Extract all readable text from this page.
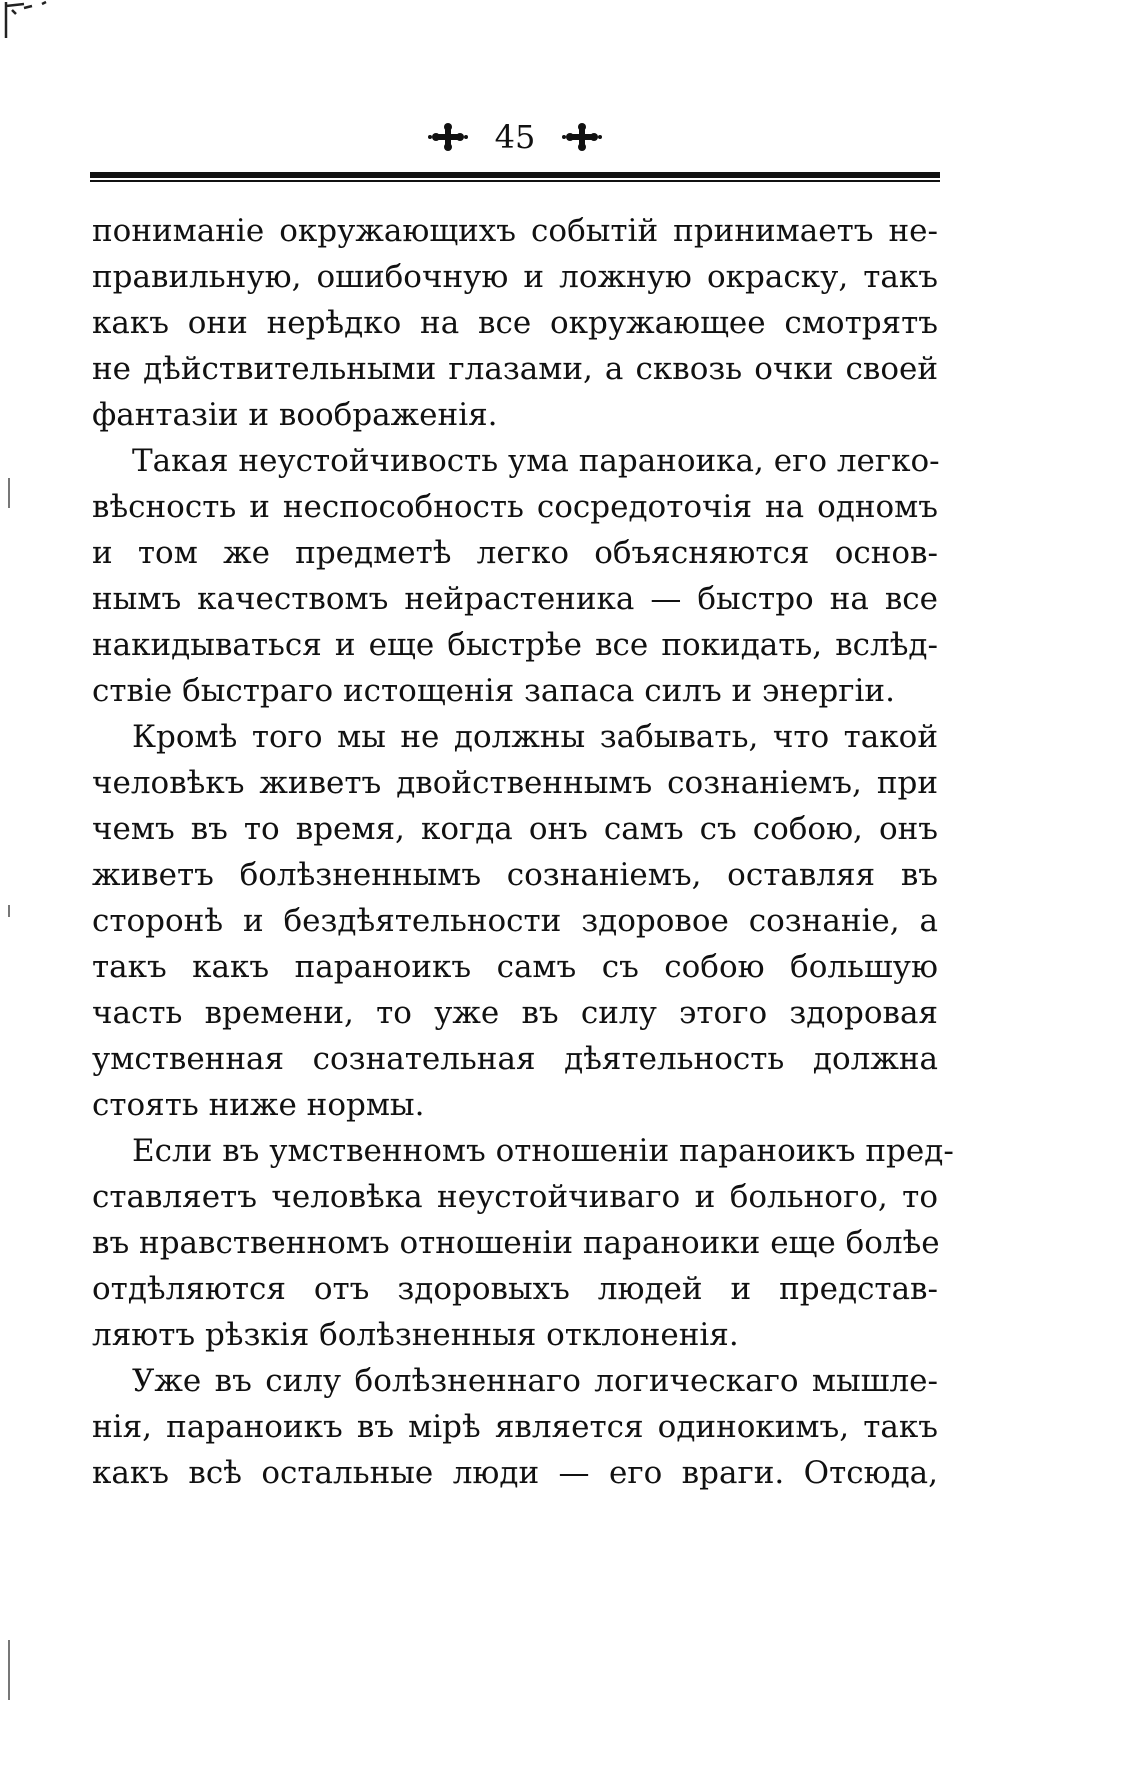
45
пониманіе окружающихъ событій принимаетъ не-
правильную, ошибочную и ложную окраску, такъ
какъ они нерѣдко на все окружающее смотрятъ
не дѣйствительными глазами, а сквозь очки своей
фантазіи и воображенія.
Такая неустойчивость ума параноика, его легко-
вѣсность и неспособность сосредоточія на одномъ
и том же предметѣ легко объясняются основ-
нымъ качествомъ нейрастеника — быстро на все
накидываться и еще быстрѣе все покидать, вслѣд-
ствіе быстраго истощенія запаса силъ и энергіи.
Кромѣ того мы не должны забывать, что такой
человѣкъ живетъ двойственнымъ сознаніемъ, при
чемъ въ то время, когда онъ самъ съ собою, онъ
живетъ болѣзненнымъ сознаніемъ, оставляя въ
сторонѣ и бездѣятельности здоровое сознаніе, а
такъ какъ параноикъ самъ съ собою большую
часть времени, то уже въ силу этого здоровая
умственная сознательная дѣятельность должна
стоять ниже нормы.
Если въ умственномъ отношеніи параноикъ пред-
ставляетъ человѣка неустойчиваго и больного, то
въ нравственномъ отношеніи параноики еще болѣе
отдѣляются отъ здоровыхъ людей и представ-
ляютъ рѣзкія болѣзненныя отклоненія.
Уже въ силу болѣзненнаго логическаго мышле-
нія, параноикъ въ мірѣ является одинокимъ, такъ
какъ всѣ остальные люди — его враги. Отсюда,
